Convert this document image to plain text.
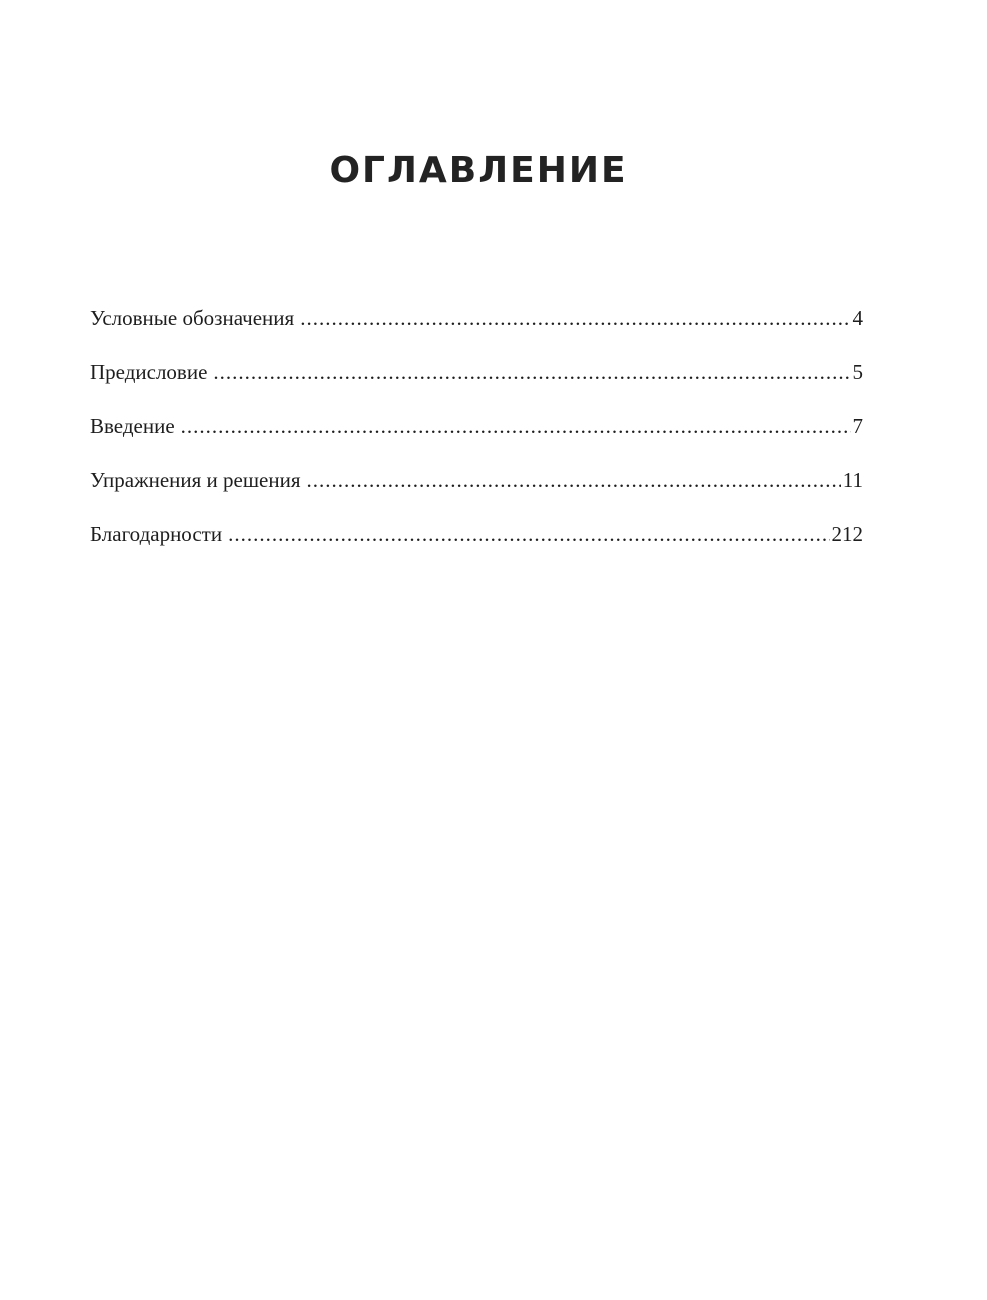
ОГЛАВЛЕНИЕ
Условные обозначения .....	4
Предисловие .....	5
Введение .....	7
Упражнения и решения .....	11
Благодарности .....	212
